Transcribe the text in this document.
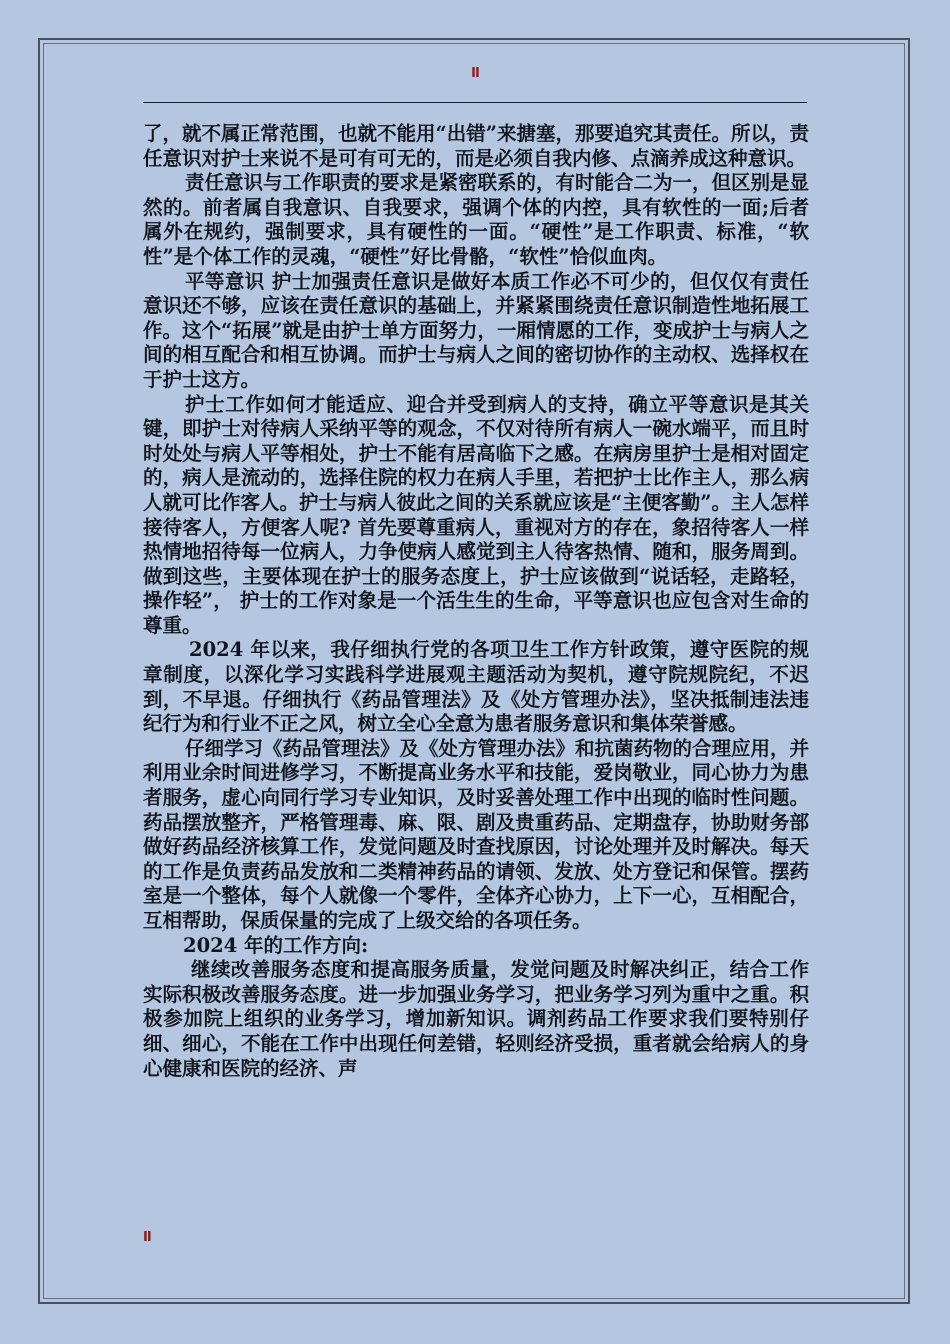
II

了，就不属正常范围，也就不能用“出错”来搪塞，那要追究其责任。所以，责任意识对护士来说不是可有可无的，而是必须自我内修、点滴养成这种意识。

责任意识与工作职责的要求是紧密联系的，有时能合二为一，但区别是显然的。前者属自我意识、自我要求，强调个体的内控，具有软性的一面;后者属外在规约，强制要求，具有硬性的一面。“硬性”是工作职责、标准，“软性”是个体工作的灵魂，“硬性”好比骨骼，“软性”恰似血肉。

平等意识 护士加强责任意识是做好本质工作必不可少的，但仅仅有责任意识还不够，应该在责任意识的基础上，并紧紧围绕责任意识制造性地拓展工作。这个“拓展”就是由护士单方面努力，一厢情愿的工作，变成护士与病人之间的相互配合和相互协调。而护士与病人之间的密切协作的主动权、选择权在于护士这方。

护士工作如何才能适应、迎合并受到病人的支持，确立平等意识是其关键，即护士对待病人采纳平等的观念，不仅对待所有病人一碗水端平，而且时时处处与病人平等相处，护士不能有居高临下之感。在病房里护士是相对固定的，病人是流动的，选择住院的权力在病人手里，若把护士比作主人，那么病人就可比作客人。护士与病人彼此之间的关系就应该是“主便客勤”。主人怎样接待客人，方便客人呢? 首先要尊重病人，重视对方的存在，象招待客人一样热情地招待每一位病人，力争使病人感觉到主人待客热情、随和，服务周到。做到这些，主要体现在护士的服务态度上，护士应该做到“说话轻，走路轻，操作轻”， 护士的工作对象是一个活生生的生命，平等意识也应包含对生命的尊重。

2024 年以来，我仔细执行党的各项卫生工作方针政策，遵守医院的规章制度，以深化学习实践科学进展观主题活动为契机，遵守院规院纪，不迟到，不早退。仔细执行《药品管理法》及《处方管理办法》，坚决抵制违法违纪行为和行业不正之风，树立全心全意为患者服务意识和集体荣誉感。

仔细学习《药品管理法》及《处方管理办法》和抗菌药物的合理应用，并利用业余时间进修学习，不断提高业务水平和技能，爱岗敬业，同心协力为患者服务，虚心向同行学习专业知识，及时妥善处理工作中出现的临时性问题。药品摆放整齐，严格管理毒、麻、限、剧及贵重药品、定期盘存，协助财务部做好药品经济核算工作，发觉问题及时查找原因，讨论处理并及时解决。每天的工作是负责药品发放和二类精神药品的请领、发放、处方登记和保管。摆药室是一个整体，每个人就像一个零件，全体齐心协力，上下一心，互相配合，互相帮助，保质保量的完成了上级交给的各项任务。

2024 年的工作方向:

继续改善服务态度和提高服务质量，发觉问题及时解决纠正，结合工作实际积极改善服务态度。进一步加强业务学习，把业务学习列为重中之重。积极参加院上组织的业务学习，增加新知识。调剂药品工作要求我们要特别仔细、细心，不能在工作中出现任何差错，轻则经济受损，重者就会给病人的身心健康和医院的经济、声

II
